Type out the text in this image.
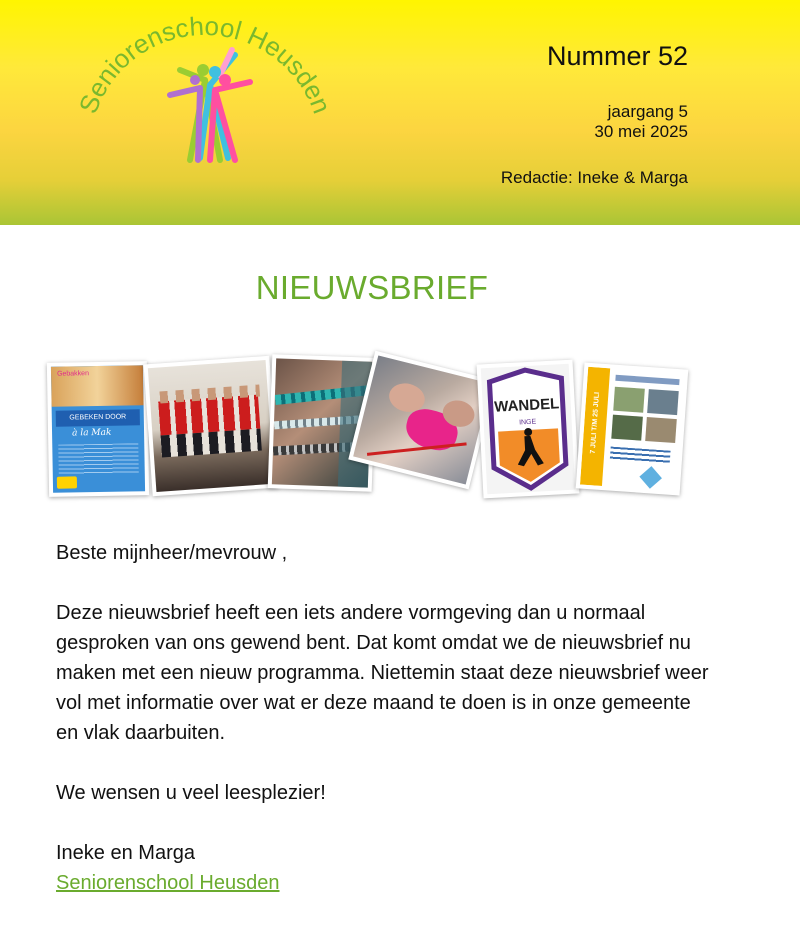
Seniorenschool Heusden
Nummer 52
jaargang 5
30 mei 2025
Redactie: Ineke & Marga
NIEUWSBRIEF
Gebakken
GEBEKEN DOOR
à la Mak
WANDEL
INGE	7 JULI T/M 25 JULI

Beste mijnheer/mevrouw ,

Deze nieuwsbrief heeft een iets andere vormgeving dan u normaal gesproken van ons gewend bent. Dat komt omdat we de nieuwsbrief nu maken met een nieuw programma. Niettemin staat deze nieuwsbrief weer vol met informatie over wat er deze maand te doen is in onze gemeente en vlak daarbuiten.

We wensen u veel leesplezier!

Ineke en Marga

Seniorenschool Heusden
